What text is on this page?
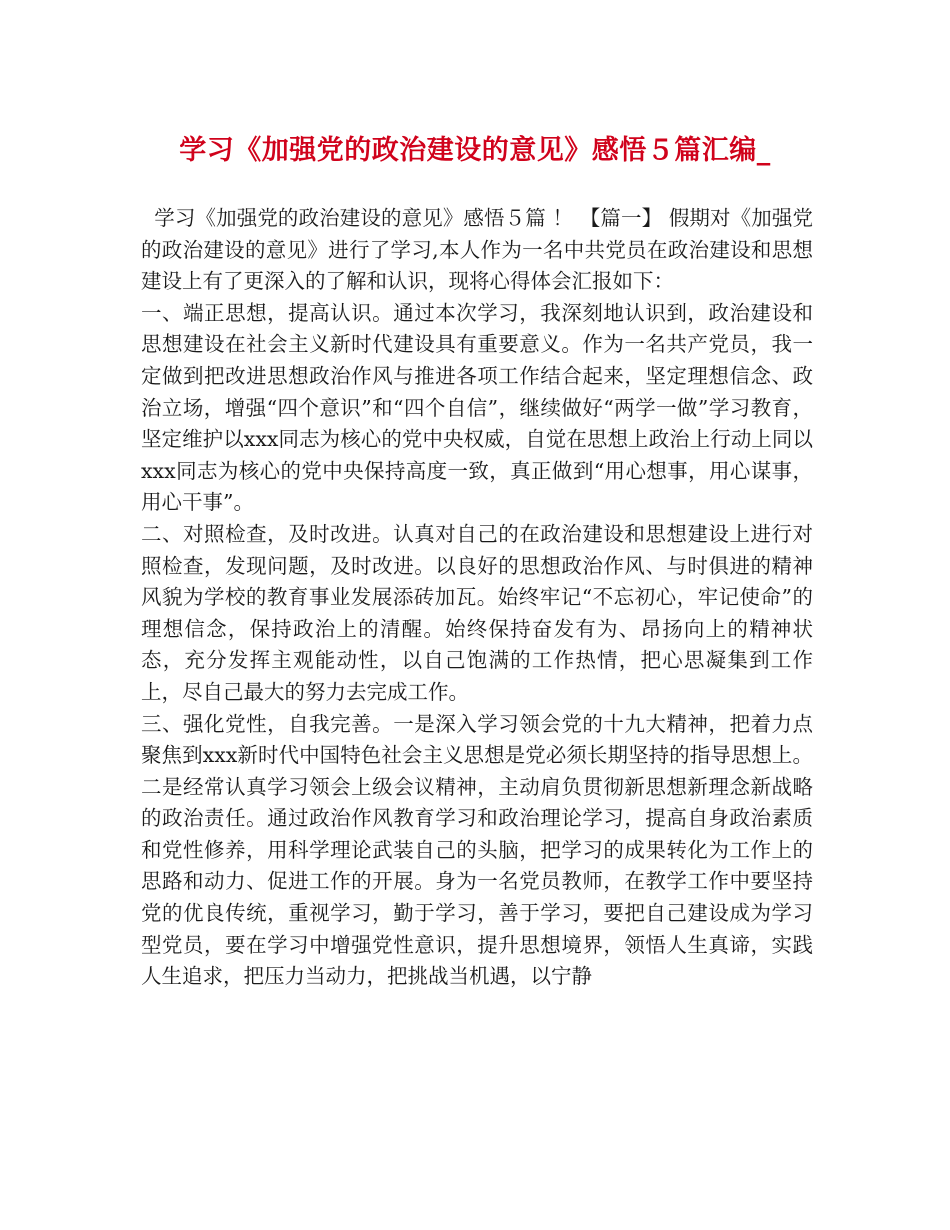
学习《加强党的政治建设的意见》感悟５篇汇编_

学习《加强党的政治建设的意见》感悟５篇 ！ 【篇一】 假期对《加强党的政治建设的意见》进行了学习,本人作为一名中共党员在政治建设和思想建设上有了更深入的了解和认识，现将心得体会汇报如下：

一、端正思想，提高认识。通过本次学习，我深刻地认识到，政治建设和思想建设在社会主义新时代建设具有重要意义。作为一名共产党员，我一定做到把改进思想政治作风与推进各项工作结合起来，坚定理想信念、政治立场，增强“四个意识”和“四个自信”，继续做好“两学一做”学习教育，坚定维护以xxx同志为核心的党中央权威，自觉在思想上政治上行动上同以xxx同志为核心的党中央保持高度一致，真正做到“用心想事，用心谋事，用心干事”。

二、对照检查，及时改进。认真对自己的在政治建设和思想建设上进行对照检查，发现问题，及时改进。以良好的思想政治作风、与时俱进的精神风貌为学校的教育事业发展添砖加瓦。始终牢记“不忘初心，牢记使命”的理想信念，保持政治上的清醒。始终保持奋发有为、昂扬向上的精神状态，充分发挥主观能动性，以自己饱满的工作热情，把心思凝集到工作上，尽自己最大的努力去完成工作。

三、强化党性，自我完善。一是深入学习领会党的十九大精神，把着力点聚焦到xxx新时代中国特色社会主义思想是党必须长期坚持的指导思想上。二是经常认真学习领会上级会议精神，主动肩负贯彻新思想新理念新战略的政治责任。通过政治作风教育学习和政治理论学习，提高自身政治素质和党性修养，用科学理论武装自己的头脑，把学习的成果转化为工作上的思路和动力、促进工作的开展。身为一名党员教师，在教学工作中要坚持党的优良传统，重视学习，勤于学习，善于学习，要把自己建设成为学习型党员，要在学习中增强党性意识，提升思想境界，领悟人生真谛，实践人生追求，把压力当动力，把挑战当机遇，以宁静
